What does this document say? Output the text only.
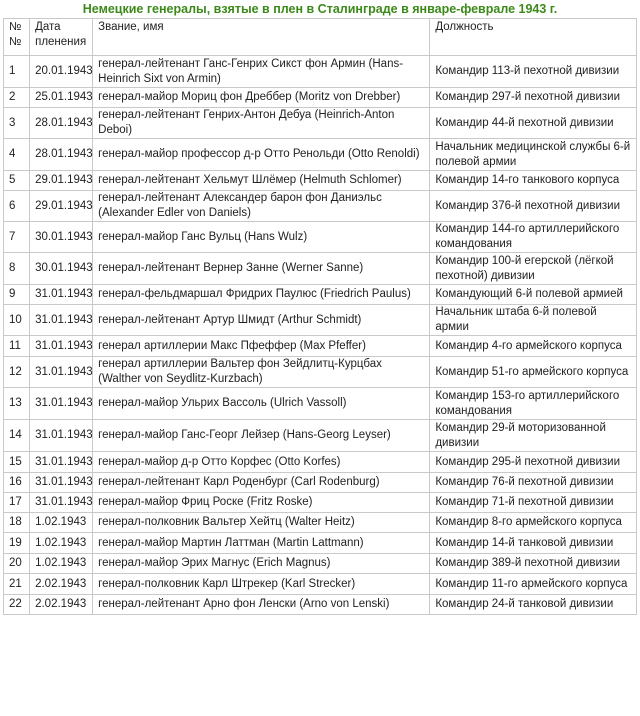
Немецкие генералы, взятые в плен в Сталинграде в январе-феврале 1943 г.
№№	Дата пленения	Звание, имя	Должность
1	20.01.1943	генерал-лейтенант Ганс-Генрих Сикст фон Армин (Hans-Heinrich Sixt von Armin)	Командир 113-й пехотной дивизии
2	25.01.1943	генерал-майор Мориц фон Дреббер (Moritz von Drebber)	Командир 297-й пехотной дивизии
3	28.01.1943	генерал-лейтенант Генрих-Антон Дебуа (Heinrich-Anton Deboi)	Командир 44-й пехотной дивизии
4	28.01.1943	генерал-майор профессор д-р Отто Ренольди (Otto Renoldi)	Начальник медицинской службы 6-й полевой армии
5	29.01.1943	генерал-лейтенант Хельмут Шлёмер (Helmuth Schlomer)	Командир 14-го танкового корпуса
6	29.01.1943	генерал-лейтенант Александер барон фон Даниэльс (Alexander Edler von Daniels)	Командир 376-й пехотной дивизии
7	30.01.1943	генерал-майор Ганс Вульц (Hans Wulz)	Командир 144-го артиллерийского командования
8	30.01.1943	генерал-лейтенант Вернер Занне (Werner Sanne)	Командир 100-й егерской (лёгкой пехотной) дивизии
9	31.01.1943	генерал-фельдмаршал Фридрих Паулюс (Friedrich Paulus)	Командующий 6-й полевой армией
10	31.01.1943	генерал-лейтенант Артур Шмидт (Arthur Schmidt)	Начальник штаба 6-й полевой армии
11	31.01.1943	генерал артиллерии Макс Пфеффер (Max Pfeffer)	Командир 4-го армейского корпуса
12	31.01.1943	генерал артиллерии Вальтер фон Зейдлитц-Курцбах (Walther von Seydlitz-Kurzbach)	Командир 51-го армейского корпуса
13	31.01.1943	генерал-майор Ульрих Вассоль (Ulrich Vassoll)	Командир 153-го артиллерийского командования
14	31.01.1943	генерал-майор Ганс-Георг Лейзер (Hans-Georg Leyser)	Командир 29-й моторизованной дивизии
15	31.01.1943	генерал-майор д-р Отто Корфес (Otto Korfes)	Командир 295-й пехотной дивизии
16	31.01.1943	генерал-лейтенант Карл Роденбург (Carl Rodenburg)	Командир 76-й пехотной дивизии
17	31.01.1943	генерал-майор Фриц Роске (Fritz Roske)	Командир 71-й пехотной дивизии
18	1.02.1943	генерал-полковник Вальтер Хейтц (Walter Heitz)	Командир 8-го армейского корпуса
19	1.02.1943	генерал-майор Мартин Латтман (Martin Lattmann)	Командир 14-й танковой дивизии
20	1.02.1943	генерал-майор Эрих Магнус (Erich Magnus)	Командир 389-й пехотной дивизии
21	2.02.1943	генерал-полковник Карл Штрекер (Karl Strecker)	Командир 11-го армейского корпуса
22	2.02.1943	генерал-лейтенант Арно фон Ленски (Arno von Lenski)	Командир 24-й танковой дивизии
